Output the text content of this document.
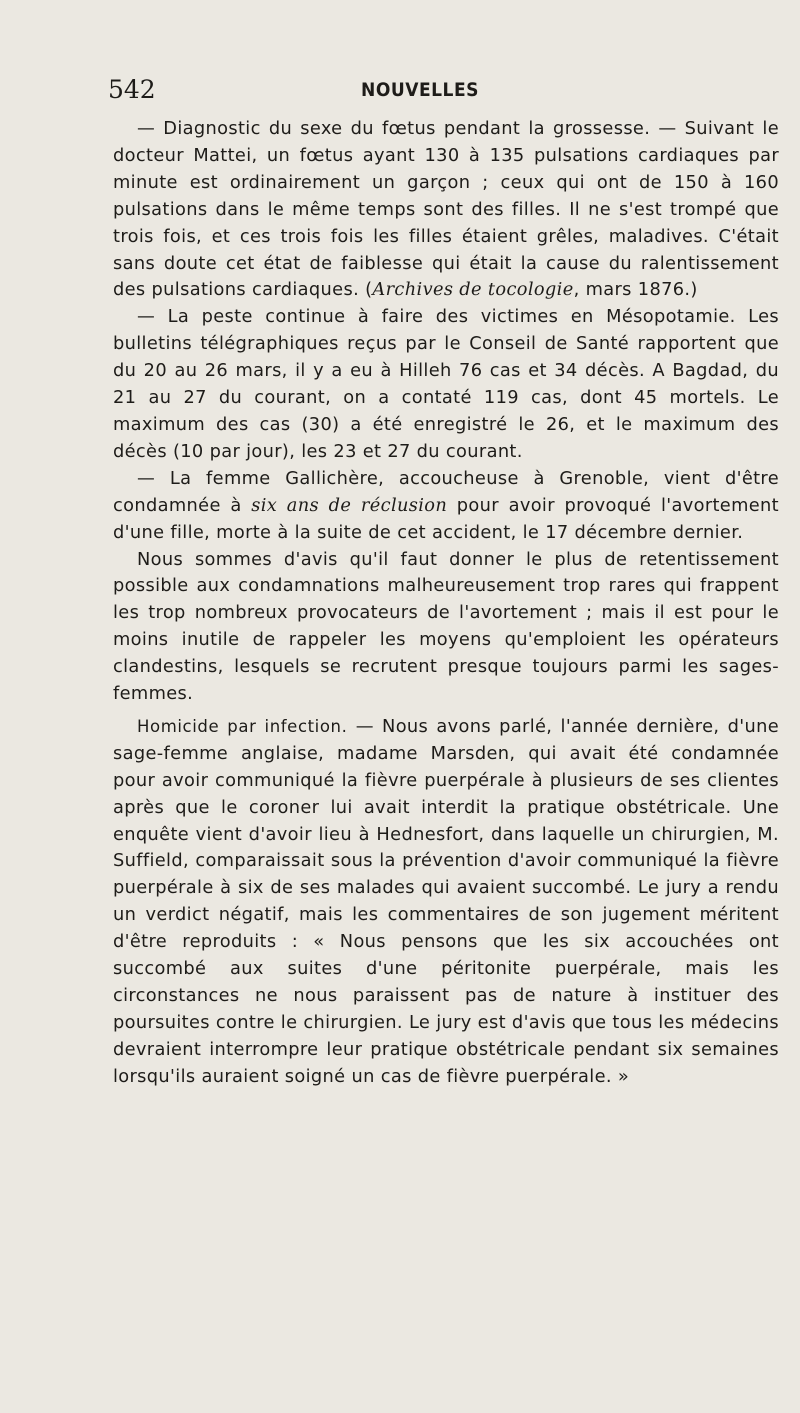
542	NOUVELLES

— Diagnostic du sexe du fœtus pendant la grossesse. — Suivant le docteur Mattei, un fœtus ayant 130 à 135 pulsations cardiaques par minute est ordinairement un garçon ; ceux qui ont de 150 à 160 pulsations dans le même temps sont des filles. Il ne s'est trompé que trois fois, et ces trois fois les filles étaient grêles, maladives. C'était sans doute cet état de faiblesse qui était la cause du ralentissement des pulsations cardiaques. (Archives de tocologie, mars 1876.)

— La peste continue à faire des victimes en Mésopotamie. Les bulletins télégraphiques reçus par le Conseil de Santé rapportent que du 20 au 26 mars, il y a eu à Hilleh 76 cas et 34 décès. A Bagdad, du 21 au 27 du courant, on a contaté 119 cas, dont 45 mortels. Le maximum des cas (30) a été enregistré le 26, et le maximum des décès (10 par jour), les 23 et 27 du courant.

— La femme Gallichère, accoucheuse à Grenoble, vient d'être condamnée à six ans de réclusion pour avoir provoqué l'avortement d'une fille, morte à la suite de cet accident, le 17 décembre dernier.

Nous sommes d'avis qu'il faut donner le plus de retentissement possible aux condamnations malheureusement trop rares qui frappent les trop nombreux provocateurs de l'avortement ; mais il est pour le moins inutile de rappeler les moyens qu'emploient les opérateurs clandestins, lesquels se recrutent presque toujours parmi les sages-femmes.

Homicide par infection. — Nous avons parlé, l'année dernière, d'une sage-femme anglaise, madame Marsden, qui avait été condamnée pour avoir communiqué la fièvre puerpérale à plusieurs de ses clientes après que le coroner lui avait interdit la pratique obstétricale. Une enquête vient d'avoir lieu à Hednesfort, dans laquelle un chirurgien, M. Suffield, comparaissait sous la prévention d'avoir communiqué la fièvre puerpérale à six de ses malades qui avaient succombé. Le jury a rendu un verdict négatif, mais les commentaires de son jugement méritent d'être reproduits : « Nous pensons que les six accouchées ont succombé aux suites d'une péritonite puerpérale, mais les circonstances ne nous paraissent pas de nature à instituer des poursuites contre le chirurgien. Le jury est d'avis que tous les médecins devraient interrompre leur pratique obstétricale pendant six semaines lorsqu'ils auraient soigné un cas de fièvre puerpérale. »
